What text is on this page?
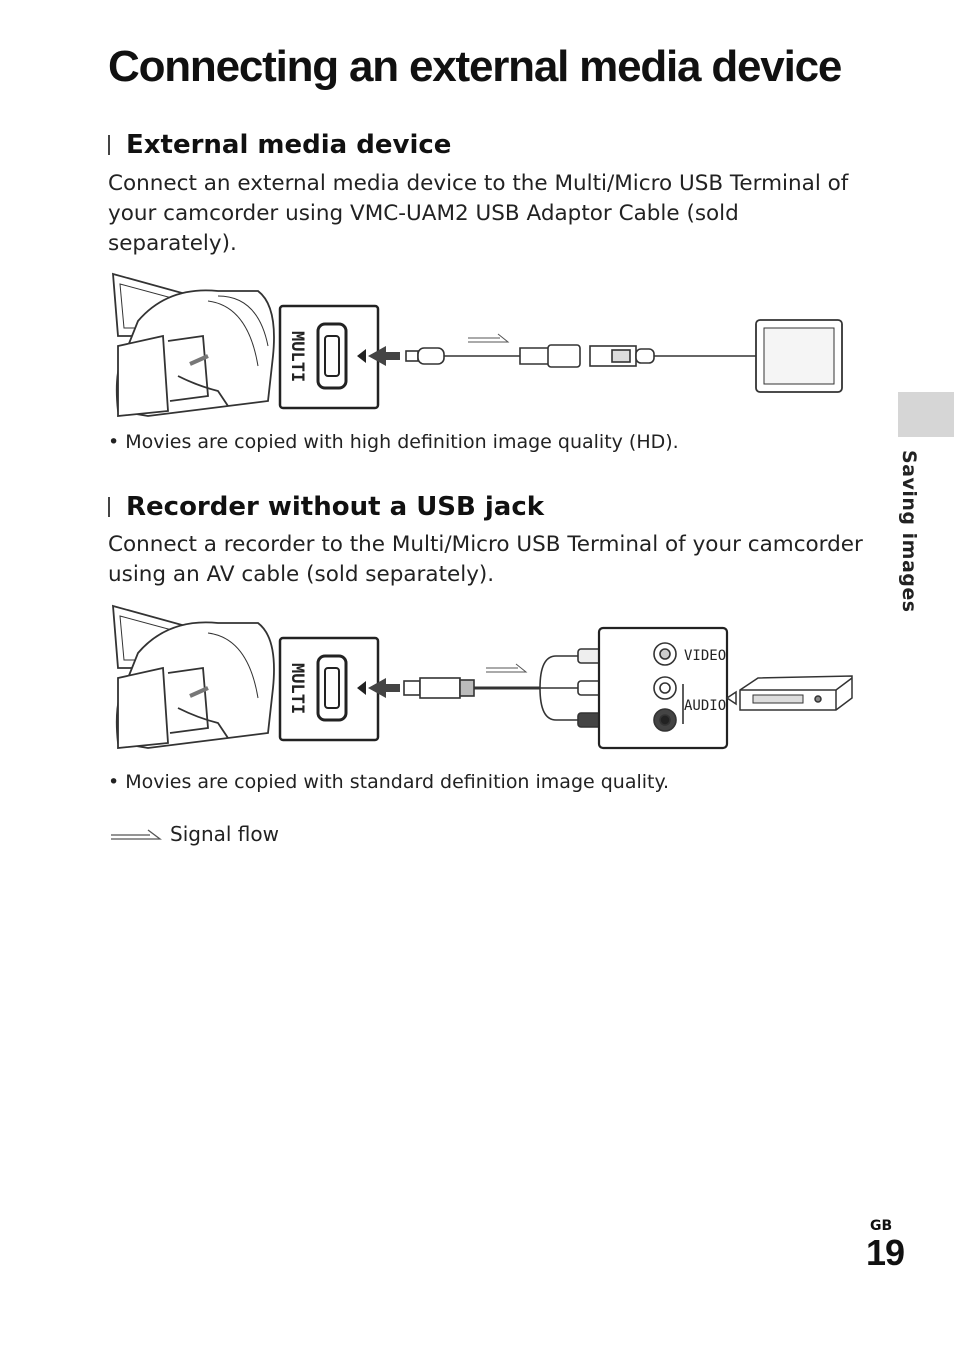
Connecting an external media device
External media device

Connect an external media device to the Multi/Micro USB Terminal of your camcorder using VMC-UAM2 USB Adaptor Cable (sold separately).

MULTI

• Movies are copied with high definition image quality (HD).

Recorder without a USB jack

Connect a recorder to the Multi/Micro USB Terminal of your camcorder using an AV cable (sold separately).

MULTI
VIDEO
AUDIO

• Movies are copied with standard definition image quality.

Signal flow
Saving images
GB
19
